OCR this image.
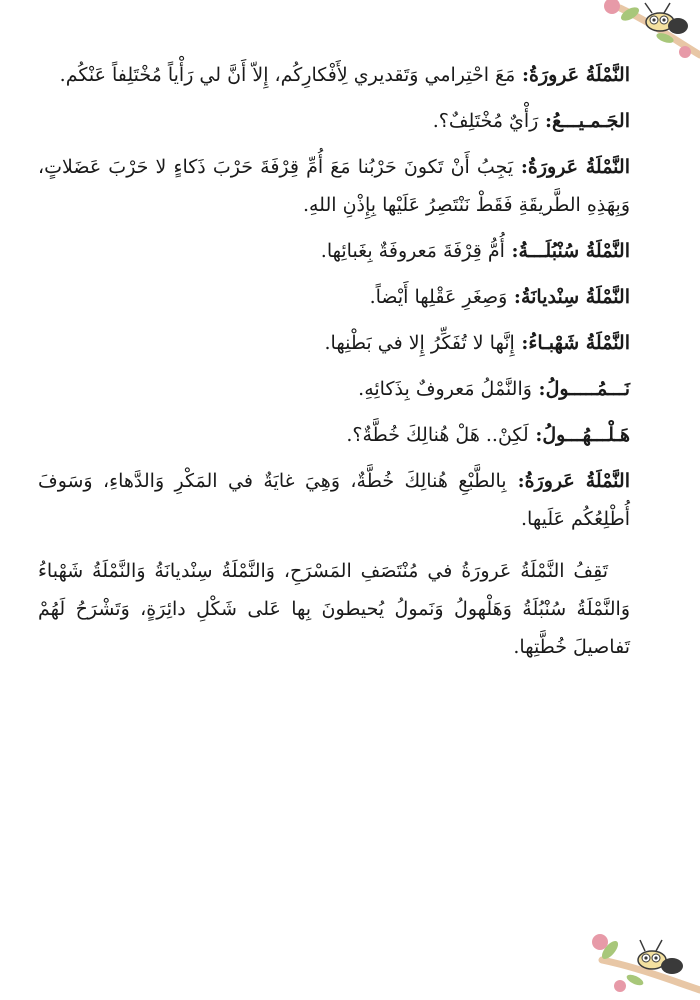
النَّمْلَةُ عَرورَةُ: مَعَ احْتِرامي وَتَقديري لِأَفْكارِكُم، إِلاّ أَنَّ لي رَأْياً مُخْتَلِفاً عَنْكُم.

الجَـمـيـــعُ: رَأْيٌ مُخْتَلِفٌ؟.

النَّمْلَةُ عَرورَةُ: يَجِبُ أَنْ تَكونَ حَرْبُنا مَعَ أُمِّ قِرْفَةَ حَرْبَ ذَكاءٍ لا حَرْبَ عَضَلاتٍ، وَبِهَذِهِ الطَّريقَةِ فَقَطْ نَنْتَصِرُ عَلَيْها بِإِذْنِ اللهِ.

النَّمْلَةُ سُنْبُلَـــةُ: أُمُّ قِرْفَةَ مَعروفَةٌ بِغَبائِها.

النَّمْلَةُ سِنْديانَةُ: وَصِغَرِ عَقْلِها أَيْضاً.

النَّمْلَةُ شَهْبـاءُ: إِنَّها لا تُفَكِّرُ إِلا في بَطْنِها.

نَـــمُـــــولُ: وَالنَّمْلُ مَعروفٌ بِذَكائِهِ.

هَـلْـــهُـــولُ: لَكِنْ.. هَلْ هُنالِكَ خُطَّةٌ؟.

النَّمْلَةُ عَرورَةُ: بِالطَّبْعِ هُنالِكَ خُطَّةٌ، وَهِيَ غايَةٌ في المَكْرِ وَالدَّهاءِ، وَسَوفَ أُطْلِعُكُم عَلَيها.

تَقِفُ النَّمْلَةُ عَرورَةُ في مُنْتَصَفِ المَسْرَحِ، وَالنَّمْلَةُ سِنْديانَةُ وَالنَّمْلَةُ شَهْباءُ وَالنَّمْلَةُ سُنْبُلَةُ وَهَلْهولُ وَنَمولُ يُحيطونَ بِها عَلى شَكْلِ دائِرَةٍ، وَتَشْرَحُ لَهُمْ تَفاصيلَ خُطَّتِها.
